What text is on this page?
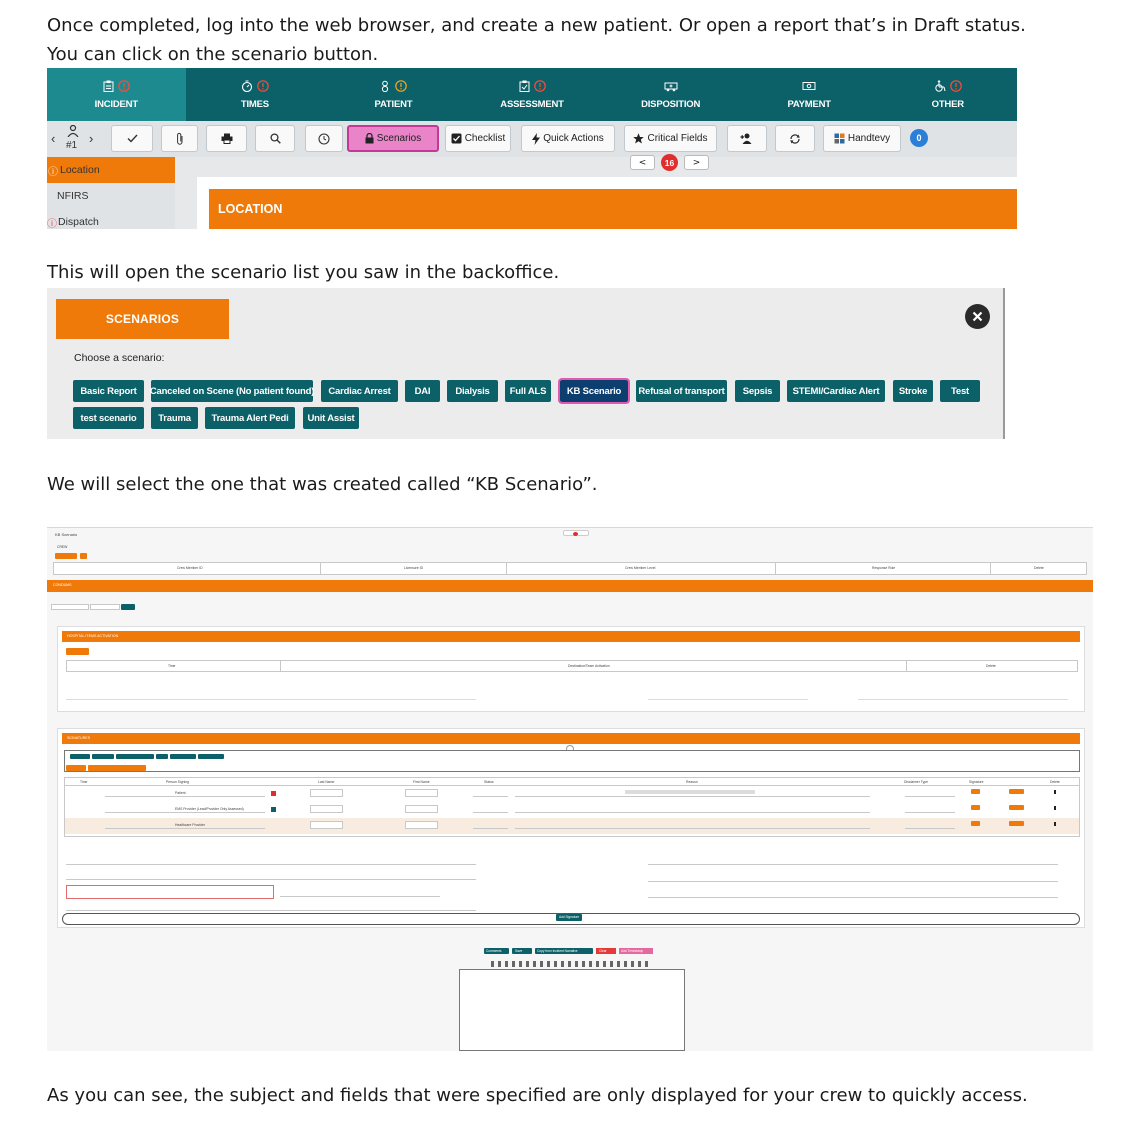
Once completed, log into the web browser, and create a new patient. Or open a report that’s in Draft status.
You can click on the scenario button.
INCIDENT	TIMES	PATIENT	ASSESSMENT	DISPOSITION	PAYMENT	OTHER
‹ #1 ›	Scenarios	Checklist	Quick Actions	Critical Fields	Handtevy	0
ⓘ Location
NFIRS
ⓘ Dispatch
<	16	>
LOCATION
This will open the scenario list you saw in the backoffice.
SCENARIOS
Choose a scenario:
Basic Report	Canceled on Scene (No patient found)	Cardiac Arrest	DAI	Dialysis	Full ALS	KB Scenario	Refusal of transport	Sepsis	STEMI/Cardiac Alert	Stroke	Test
test scenario	Trauma	Trauma Alert Pedi	Unit Assist
We will select the one that was created called “KB Scenario”.
KB Scenario
CREW
Crew Member ID	Licensure ID	Crew Member Level	Response Role	Delete
CONDUMS
HOSPITAL ITEMS ACTIVATION
Time	Destination/Team Activation	Delete
SIGNATURES
Time	Person Signing	Last Name	First Name	Status	Reason	Disclaimer Type	Signature	Delete
Patient
EMS Provider (Lead/Provider Only Assessed)
Healthcare Provider
Add Signature
Comments	Save	Copy from Incident Narrative	Clear	Add Timestamp
As you can see, the subject and fields that were specified are only displayed for your crew to quickly access.
